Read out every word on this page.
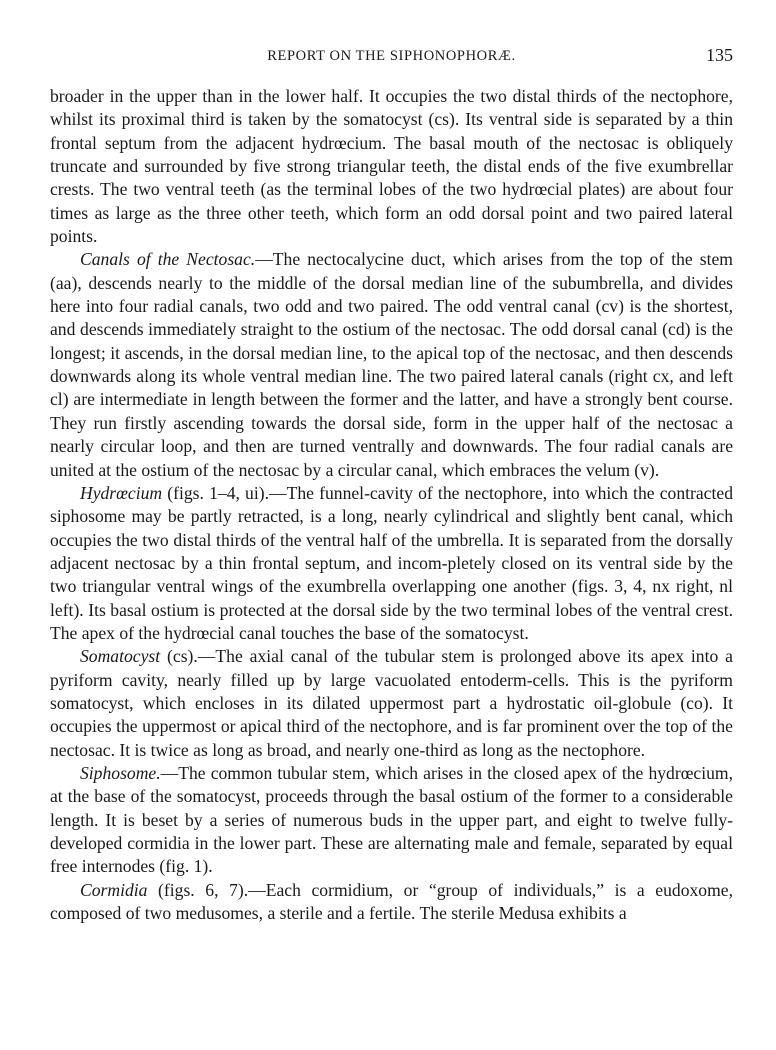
REPORT ON THE SIPHONOPHORÆ.	135

broader in the upper than in the lower half. It occupies the two distal thirds of the nectophore, whilst its proximal third is taken by the somatocyst (cs). Its ventral side is separated by a thin frontal septum from the adjacent hydrœcium. The basal mouth of the nectosac is obliquely truncate and surrounded by five strong triangular teeth, the distal ends of the five exumbrellar crests. The two ventral teeth (as the terminal lobes of the two hydrœcial plates) are about four times as large as the three other teeth, which form an odd dorsal point and two paired lateral points.

Canals of the Nectosac.—The nectocalycine duct, which arises from the top of the stem (aa), descends nearly to the middle of the dorsal median line of the subumbrella, and divides here into four radial canals, two odd and two paired. The odd ventral canal (cv) is the shortest, and descends immediately straight to the ostium of the nectosac. The odd dorsal canal (cd) is the longest; it ascends, in the dorsal median line, to the apical top of the nectosac, and then descends downwards along its whole ventral median line. The two paired lateral canals (right cx, and left cl) are intermediate in length between the former and the latter, and have a strongly bent course. They run firstly ascending towards the dorsal side, form in the upper half of the nectosac a nearly circular loop, and then are turned ventrally and downwards. The four radial canals are united at the ostium of the nectosac by a circular canal, which embraces the velum (v).

Hydrœcium (figs. 1–4, ui).—The funnel-cavity of the nectophore, into which the contracted siphosome may be partly retracted, is a long, nearly cylindrical and slightly bent canal, which occupies the two distal thirds of the ventral half of the umbrella. It is separated from the dorsally adjacent nectosac by a thin frontal septum, and incom-pletely closed on its ventral side by the two triangular ventral wings of the exumbrella overlapping one another (figs. 3, 4, nx right, nl left). Its basal ostium is protected at the dorsal side by the two terminal lobes of the ventral crest. The apex of the hydrœcial canal touches the base of the somatocyst.

Somatocyst (cs).—The axial canal of the tubular stem is prolonged above its apex into a pyriform cavity, nearly filled up by large vacuolated entoderm-cells. This is the pyriform somatocyst, which encloses in its dilated uppermost part a hydrostatic oil-globule (co). It occupies the uppermost or apical third of the nectophore, and is far prominent over the top of the nectosac. It is twice as long as broad, and nearly one-third as long as the nectophore.

Siphosome.—The common tubular stem, which arises in the closed apex of the hydrœcium, at the base of the somatocyst, proceeds through the basal ostium of the former to a considerable length. It is beset by a series of numerous buds in the upper part, and eight to twelve fully-developed cormidia in the lower part. These are alternating male and female, separated by equal free internodes (fig. 1).

Cormidia (figs. 6, 7).—Each cormidium, or “group of individuals,” is a eudoxome, composed of two medusomes, a sterile and a fertile. The sterile Medusa exhibits a
